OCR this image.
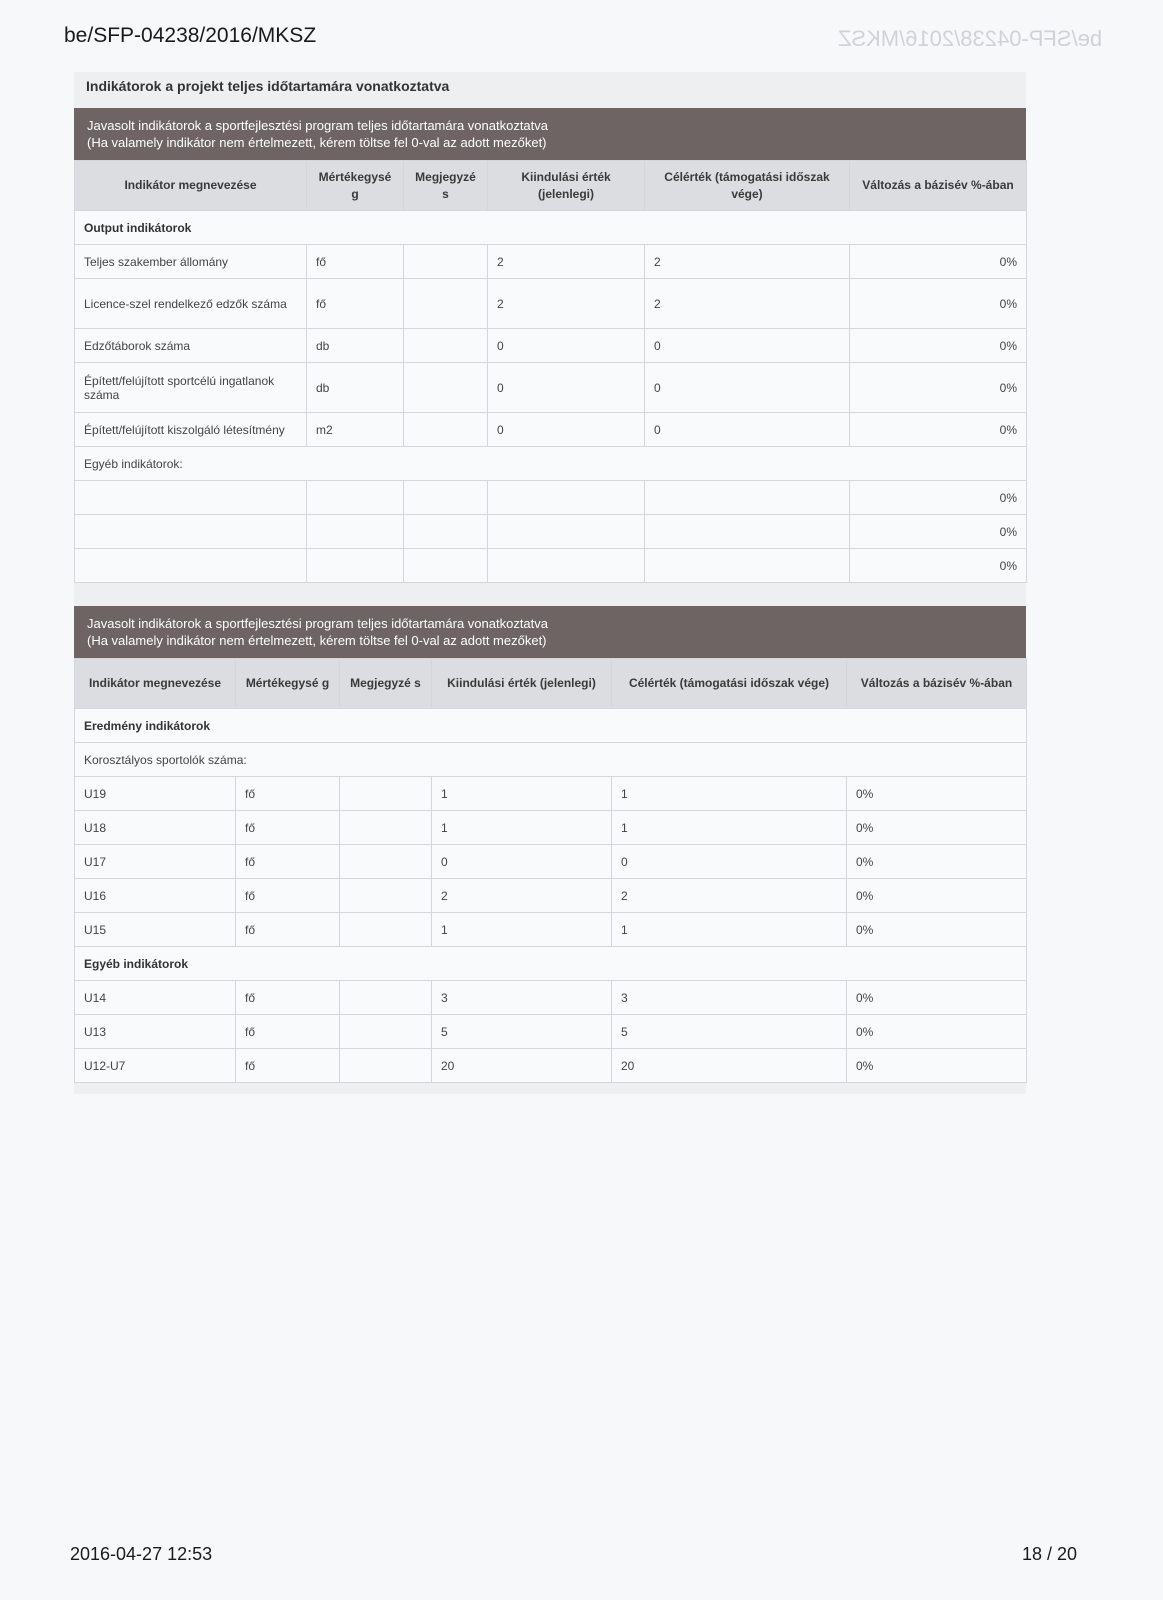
be/SFP-04238/2016/MKSZ	be/SFP-04238/2016/MKSZ
Indikátorok a projekt teljes időtartamára vonatkoztatva
Javasolt indikátorok a sportfejlesztési program teljes időtartamára vonatkoztatva
(Ha valamely indikátor nem értelmezett, kérem töltse fel 0-val az adott mezőket)
Indikátor megnevezése	Mértékegysé g	Megjegyzé s	Kiindulási érték (jelenlegi)	Célérték (támogatási időszak vége)	Változás a bázisév %-ában
Output indikátorok					
Teljes szakember állomány	fő		2	2	0%
Licence-szel rendelkező edzők száma	fő		2	2	0%
Edzőtáborok száma	db		0	0	0%
Épített/felújított sportcélú ingatlanok száma	db		0	0	0%
Épített/felújított kiszolgáló létesítmény	m2		0	0	0%
Egyéb indikátorok:					
					0%
					0%
					0%
Javasolt indikátorok a sportfejlesztési program teljes időtartamára vonatkoztatva
(Ha valamely indikátor nem értelmezett, kérem töltse fel 0-val az adott mezőket)
Indikátor megnevezése	Mértékegysé g	Megjegyzé s	Kiindulási érték (jelenlegi)	Célérték (támogatási időszak vége)	Változás a bázisév %-ában
Eredmény indikátorok					
Korosztályos sportolók száma:					
U19	fő		1	1	0%
U18	fő		1	1	0%
U17	fő		0	0	0%
U16	fő		2	2	0%
U15	fő		1	1	0%
Egyéb indikátorok					
U14	fő		3	3	0%
U13	fő		5	5	0%
U12-U7	fő		20	20	0%
2016-04-27 12:53	18 / 20
